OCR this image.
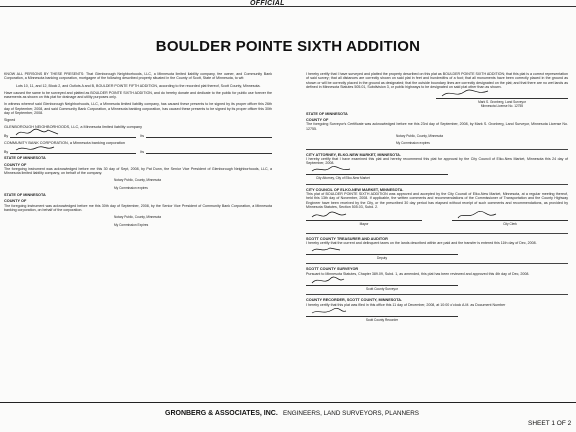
OFFICIAL
BOULDER POINTE SIXTH ADDITION
KNOW ALL PERSONS BY THESE PRESENTS: That Glenborough Neighborhoods, LLC, a Minnesota limited liability company, fee owner, and Community Bank Corporation, a Minnesota banking corporation, mortgagee of the following described property situated in the County of Scott, State of Minnesota, to wit:
Lots 10, 11, and 12, Block 2, and Outlots A and B, BOULDER POINTE FIFTH ADDITION, according to the recorded plat thereof, Scott County, Minnesota.
Have caused the same to be surveyed and platted as BOULDER POINTE SIXTH ADDITION, and do hereby donate and dedicate to the public for public use forever the easements as shown on this plat for drainage and utility purposes only.
In witness whereof said Glenborough Neighborhoods, LLC, a Minnesota limited liability company, has caused these presents to be signed by its proper officer this 26th day of September, 2008, and said Community Bank Corporation, a Minnesota banking corporation, has caused these presents to be signed by its proper officer this 30th day of September, 2008.
Signed
GLENBOROUGH NEIGHBORHOODS, LLC, a Minnesota limited liability company
By	Its
COMMUNITY BANK CORPORATION, a Minnesota banking corporation
By	Its
STATE OF MINNESOTA
COUNTY OF
The foregoing instrument was acknowledged before me this 30 day of Sept, 2008, by Pat Dunn, the Senior Vice President of Glenborough Neighborhoods, LLC, a Minnesota limited liability company, on behalf of the company.
Notary Public, County, Minnesota
My Commission expires
STATE OF MINNESOTA
COUNTY OF
The foregoing instrument was acknowledged before me this 30th day of September, 2008, by the Senior Vice President of Community Bank Corporation, a Minnesota banking corporation, on behalf of the corporation.
Notary Public, County, Minnesota
My Commission Expires
I hereby certify that I have surveyed and platted the property described on this plat as BOULDER POINTE SIXTH ADDITION; that this plat is a correct representation of said survey; that all distances are correctly shown on said plat in feet and hundredths of a foot; that all monuments have been correctly placed in the ground as shown or will be correctly placed in the ground as designated; that the outside boundary lines are correctly designated on the plat; and that there are no wet lands as defined in Minnesota Statutes 505.01, Subdivision 3, or public highways to be designated on said plat other than as shown.
Mark S. Gronberg, Land Surveyor
Minnesota License No. 12755
STATE OF MINNESOTA
COUNTY OF
The foregoing Surveyor's Certificate was acknowledged before me this 23rd day of September, 2008, by Mark S. Gronberg, Land Surveyor, Minnesota License No. 12755.
Notary Public, County, Minnesota
My Commission expires
CITY ATTORNEY, ELKO-NEW MARKET, MINNESOTA.
I hereby certify that I have examined this plat and hereby recommend this plat for approval by the City Council of Elko-New Market, Minnesota this 24 day of September, 2008.
City Attorney, City of Elko-New Market
CITY COUNCIL OF ELKO-NEW MARKET, MINNESOTA.
This plat of BOULDER POINTE SIXTH ADDITION was approved and accepted by the City Council of Elko-New Market, Minnesota, at a regular meeting thereof, held this 13th day of November, 2008. If applicable, the written comments and recommendations of the Commissioner of Transportation and the County Highway Engineer have been received by the City, or the prescribed 30 day period has elapsed without receipt of such comments and recommendations, as provided by Minnesota Statutes, Section 505.03, Subd. 2.
Mayor	City Clerk
SCOTT COUNTY TREASURER AND AUDITOR
I hereby certify that the current and delinquent taxes on the lands described within are paid and the transfer is entered this 11th day of Dec, 2008.
Deputy
SCOTT COUNTY SURVEYOR
Pursuant to Minnesota Statutes, Chapter 389.09, Subd. 1, as amended, this plat has been reviewed and approved this 4th day of Dec, 2008.
Scott County Surveyor
COUNTY RECORDER, SCOTT COUNTY, MINNESOTA.
I hereby certify that this plat was filed in this office this 11 day of December, 2008, at 10:00 o'clock A.M. as Document Number
Scott County Recorder
GRONBERG & ASSOCIATES, INC. ENGINEERS, LAND SURVEYORS, PLANNERS
SHEET 1 OF 2
